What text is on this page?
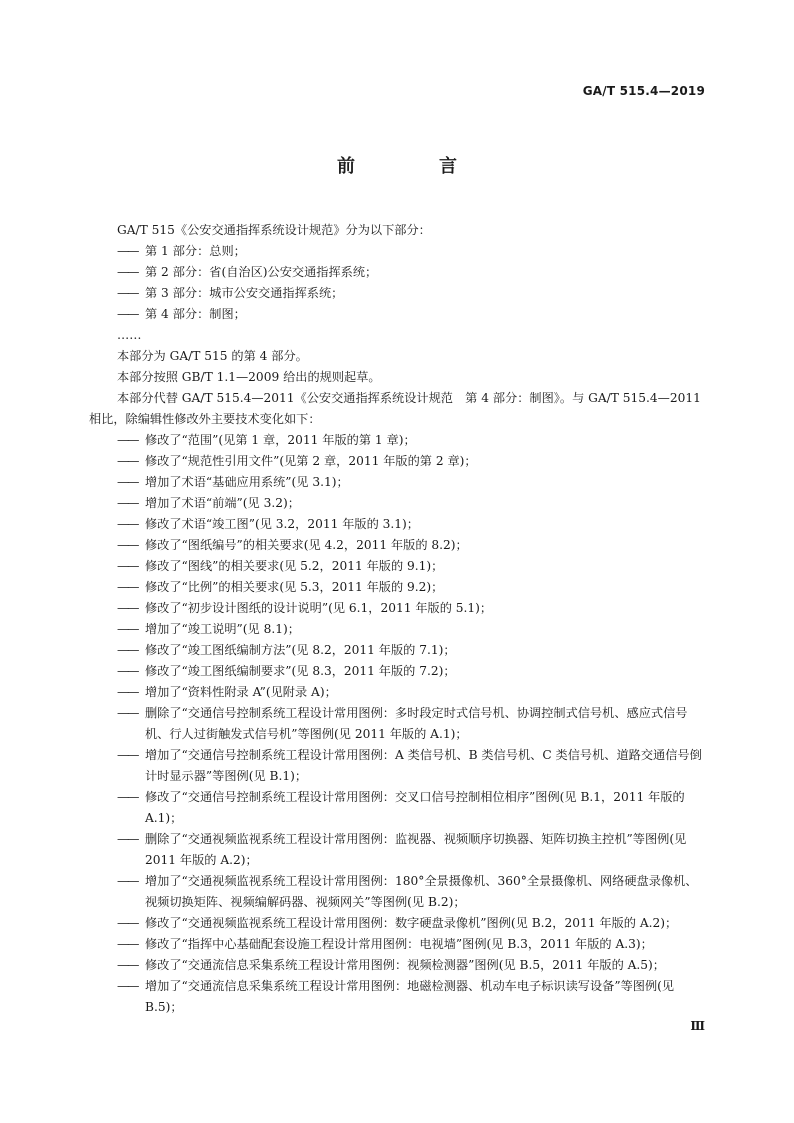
GA/T 515.4—2019
前　言

GA/T 515《公安交通指挥系统设计规范》分为以下部分：

—— 第 1 部分：总则；

—— 第 2 部分：省(自治区)公安交通指挥系统；

—— 第 3 部分：城市公安交通指挥系统；

—— 第 4 部分：制图；

……

本部分为 GA/T 515 的第 4 部分。

本部分按照 GB/T 1.1—2009 给出的规则起草。

本部分代替 GA/T 515.4—2011《公安交通指挥系统设计规范　第 4 部分：制图》。与 GA/T 515.4—2011 相比，除编辑性修改外主要技术变化如下：

—— 修改了“范围”(见第 1 章，2011 年版的第 1 章)；

—— 修改了“规范性引用文件”(见第 2 章，2011 年版的第 2 章)；

—— 增加了术语“基础应用系统”(见 3.1)；

—— 增加了术语“前端”(见 3.2)；

—— 修改了术语“竣工图”(见 3.2，2011 年版的 3.1)；

—— 修改了“图纸编号”的相关要求(见 4.2，2011 年版的 8.2)；

—— 修改了“图线”的相关要求(见 5.2，2011 年版的 9.1)；

—— 修改了“比例”的相关要求(见 5.3，2011 年版的 9.2)；

—— 修改了“初步设计图纸的设计说明”(见 6.1，2011 年版的 5.1)；

—— 增加了“竣工说明”(见 8.1)；

—— 修改了“竣工图纸编制方法”(见 8.2，2011 年版的 7.1)；

—— 修改了“竣工图纸编制要求”(见 8.3，2011 年版的 7.2)；

—— 增加了“资料性附录 A”(见附录 A)；

—— 删除了“交通信号控制系统工程设计常用图例：多时段定时式信号机、协调控制式信号机、感应式信号机、行人过街触发式信号机”等图例(见 2011 年版的 A.1)；

—— 增加了“交通信号控制系统工程设计常用图例：A 类信号机、B 类信号机、C 类信号机、道路交通信号倒计时显示器”等图例(见 B.1)；

—— 修改了“交通信号控制系统工程设计常用图例：交叉口信号控制相位相序”图例(见 B.1，2011 年版的 A.1)；

—— 删除了“交通视频监视系统工程设计常用图例：监视器、视频顺序切换器、矩阵切换主控机”等图例(见 2011 年版的 A.2)；

—— 增加了“交通视频监视系统工程设计常用图例：180°全景摄像机、360°全景摄像机、网络硬盘录像机、视频切换矩阵、视频编解码器、视频网关”等图例(见 B.2)；

—— 修改了“交通视频监视系统工程设计常用图例：数字硬盘录像机”图例(见 B.2，2011 年版的 A.2)；

—— 修改了“指挥中心基础配套设施工程设计常用图例：电视墙”图例(见 B.3，2011 年版的 A.3)；

—— 修改了“交通流信息采集系统工程设计常用图例：视频检测器”图例(见 B.5，2011 年版的 A.5)；

—— 增加了“交通流信息采集系统工程设计常用图例：地磁检测器、机动车电子标识读写设备”等图例(见 B.5)；

Ⅲ
